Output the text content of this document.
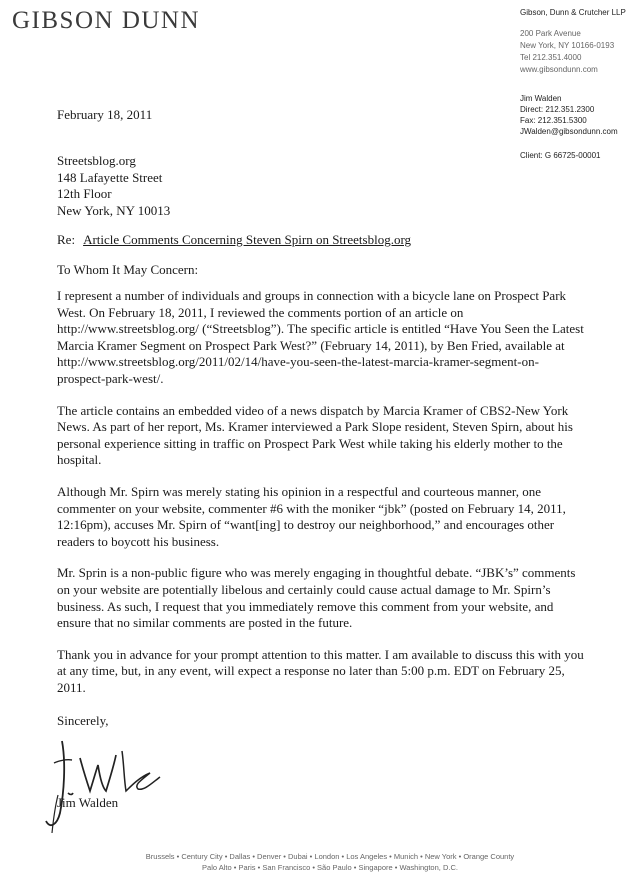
GIBSON DUNN	Gibson, Dunn & Crutcher LLP
200 Park Avenue
New York, NY 10166-0193
Tel 212.351.4000
www.gibsondunn.com
Jim Walden
Direct: 212.351.2300
Fax: 212.351.5300
JWalden@gibsondunn.com
Client: G 66725-00001
February 18, 2011
Streetsblog.org
148 Lafayette Street
12th Floor
New York, NY 10013
Re: Article Comments Concerning Steven Spirn on Streetsblog.org
To Whom It May Concern:

I represent a number of individuals and groups in connection with a bicycle lane on Prospect Park West. On February 18, 2011, I reviewed the comments portion of an article on http://www.streetsblog.org/ (“Streetsblog”). The specific article is entitled “Have You Seen the Latest Marcia Kramer Segment on Prospect Park West?” (February 14, 2011), by Ben Fried, available at http://www.streetsblog.org/2011/02/14/have-you-seen-the-latest-marcia-kramer-segment-on-prospect-park-west/.

The article contains an embedded video of a news dispatch by Marcia Kramer of CBS2-New York News. As part of her report, Ms. Kramer interviewed a Park Slope resident, Steven Spirn, about his personal experience sitting in traffic on Prospect Park West while taking his elderly mother to the hospital.

Although Mr. Spirn was merely stating his opinion in a respectful and courteous manner, one commenter on your website, commenter #6 with the moniker “jbk” (posted on February 14, 2011, 12:16pm), accuses Mr. Spirn of “want[ing] to destroy our neighborhood,” and encourages other readers to boycott his business.

Mr. Sprin is a non-public figure who was merely engaging in thoughtful debate. “JBK’s” comments on your website are potentially libelous and certainly could cause actual damage to Mr. Spirn’s business. As such, I request that you immediately remove this comment from your website, and ensure that no similar comments are posted in the future.

Thank you in advance for your prompt attention to this matter. I am available to discuss this with you at any time, but, in any event, will expect a response no later than 5:00 p.m. EDT on February 25, 2011.

Sincerely,
Jim Walden
Brussels • Century City • Dallas • Denver • Dubai • London • Los Angeles • Munich • New York • Orange County
Palo Alto • Paris • San Francisco • São Paulo • Singapore • Washington, D.C.
